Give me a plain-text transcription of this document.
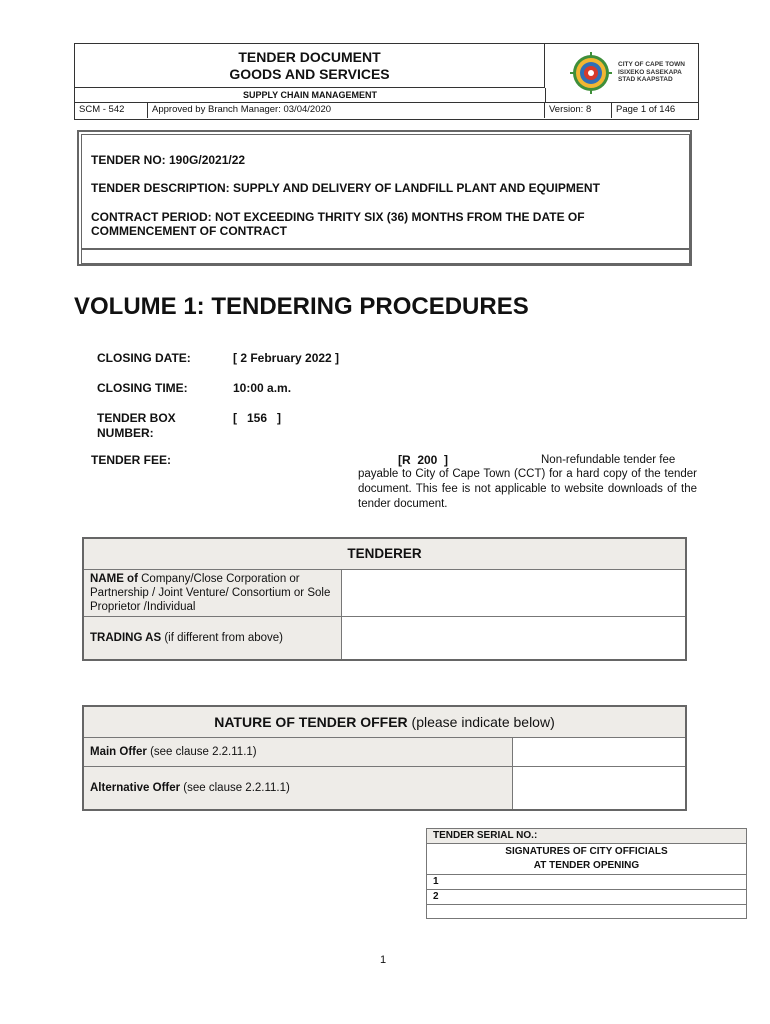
TENDER DOCUMENT
GOODS AND SERVICES
SUPPLY CHAIN MANAGEMENT
CITY OF CAPE TOWN
ISIXEKO SASEKAPA
STAD KAAPSTAD
SCM - 542	Approved by Branch Manager: 03/04/2020	Version: 8	Page 1 of 146
TENDER NO: 190G/2021/22
TENDER DESCRIPTION: SUPPLY AND DELIVERY OF LANDFILL PLANT AND EQUIPMENT
CONTRACT PERIOD: NOT EXCEEDING THRITY SIX (36) MONTHS FROM THE DATE OF
COMMENCEMENT OF CONTRACT
VOLUME 1: TENDERING PROCEDURES
CLOSING DATE:	[ 2 February 2022 ]
CLOSING TIME:	10:00 a.m.
TENDER BOX
NUMBER:
[   156   ]
TENDER FEE:	[R  200  ]	Non-refundable tender fee
payable to City of Cape Town (CCT) for a hard copy of the tender document. This fee is not applicable to website downloads of the tender document.
TENDERER	
NAME of Company/Close Corporation or Partnership / Joint Venture/ Consortium or Sole Proprietor /Individual	
TRADING AS (if different from above)	
NATURE OF TENDER OFFER (please indicate below)	
Main Offer (see clause 2.2.11.1)	
Alternative Offer (see clause 2.2.11.1)	
TENDER SERIAL NO.:

SIGNATURES OF CITY OFFICIALS
AT TENDER OPENING

1
2

1
